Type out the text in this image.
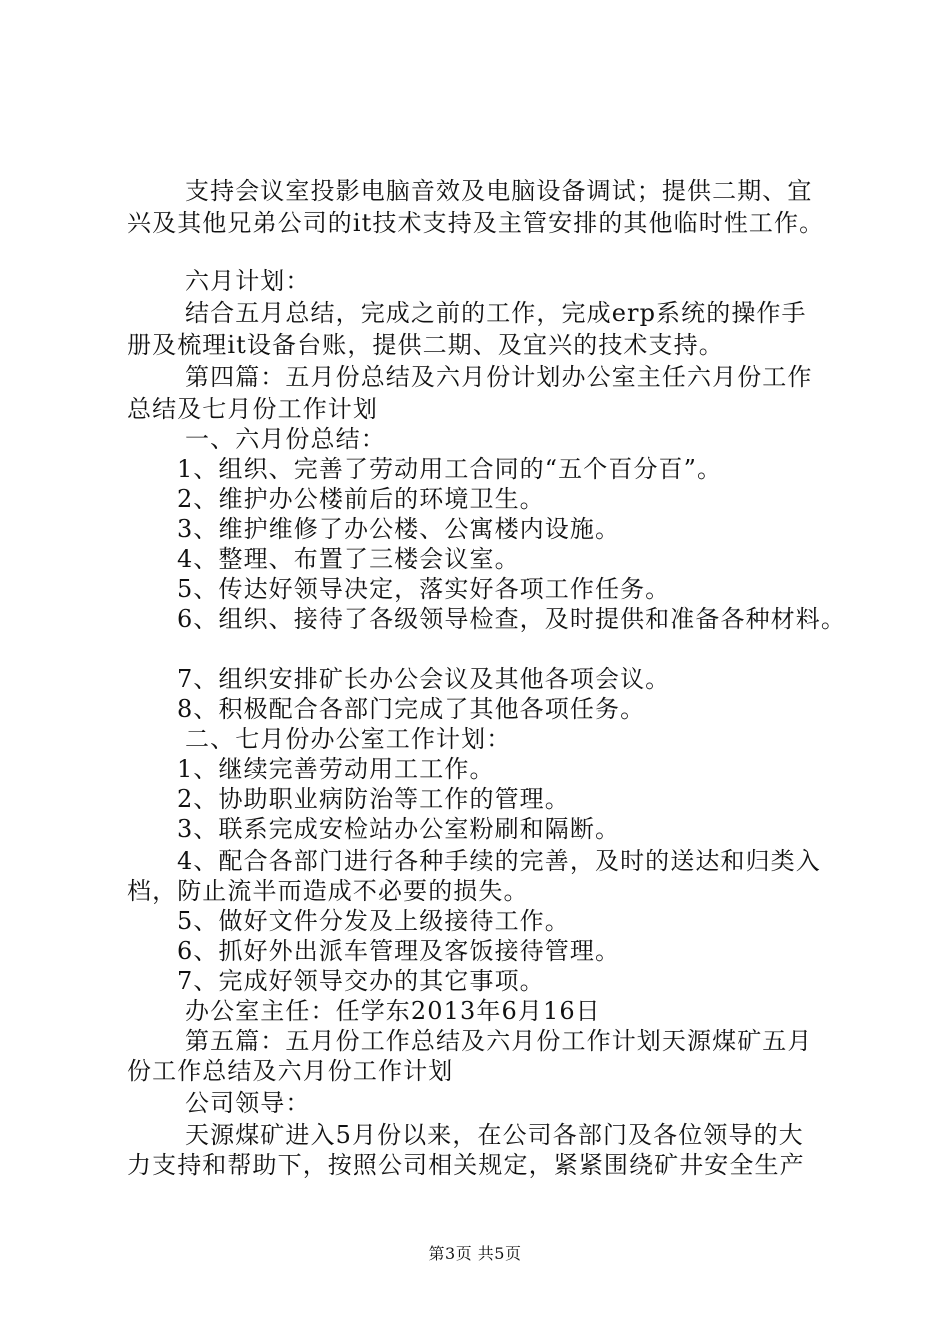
支持会议室投影电脑音效及电脑设备调试；提供二期、宜
兴及其他兄弟公司的it技术支持及主管安排的其他临时性工作。
六月计划：
结合五月总结，完成之前的工作，完成erp系统的操作手
册及梳理it设备台账，提供二期、及宜兴的技术支持。
第四篇：五月份总结及六月份计划办公室主任六月份工作
总结及七月份工作计划
一、六月份总结：
1、组织、完善了劳动用工合同的“五个百分百”。
2、维护办公楼前后的环境卫生。
3、维护维修了办公楼、公寓楼内设施。
4、整理、布置了三楼会议室。
5、传达好领导决定，落实好各项工作任务。
6、组织、接待了各级领导检查，及时提供和准备各种材料。
7、组织安排矿长办公会议及其他各项会议。
8、积极配合各部门完成了其他各项任务。
二、七月份办公室工作计划：
1、继续完善劳动用工工作。
2、协助职业病防治等工作的管理。
3、联系完成安检站办公室粉刷和隔断。
4、配合各部门进行各种手续的完善，及时的送达和归类入
档，防止流半而造成不必要的损失。
5、做好文件分发及上级接待工作。
6、抓好外出派车管理及客饭接待管理。
7、完成好领导交办的其它事项。
办公室主任：任学东2013年6月16日
第五篇：五月份工作总结及六月份工作计划天源煤矿五月
份工作总结及六月份工作计划
公司领导：
天源煤矿进入5月份以来，在公司各部门及各位领导的大
力支持和帮助下，按照公司相关规定，紧紧围绕矿井安全生产
第3页 共5页
